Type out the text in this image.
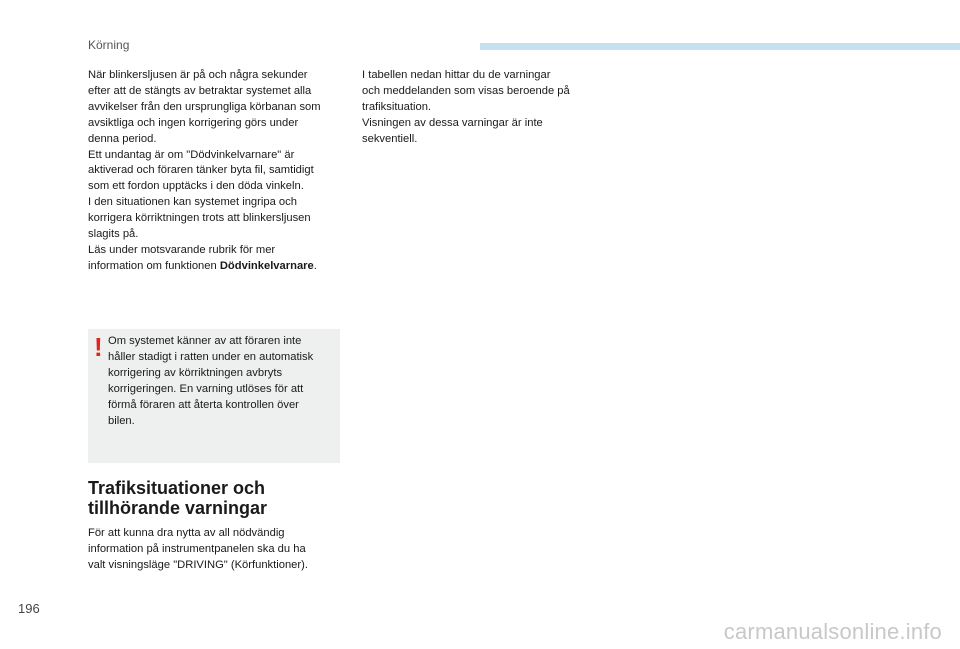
Körning
När blinkersljusen är på och några sekunder
efter att de stängts av betraktar systemet alla
avvikelser från den ursprungliga körbanan som
avsiktliga och ingen korrigering görs under
denna period.
Ett undantag är om "Dödvinkelvarnare" är
aktiverad och föraren tänker byta fil, samtidigt
som ett fordon upptäcks i den döda vinkeln.
I den situationen kan systemet ingripa och
korrigera körriktningen trots att blinkersljusen
slagits på.
Läs under motsvarande rubrik för mer
information om funktionen Dödvinkelvarnare.
! Om systemet känner av att föraren inte
håller stadigt i ratten under en automatisk
korrigering av körriktningen avbryts
korrigeringen. En varning utlöses för att
förmå föraren att återta kontrollen över
bilen.
Trafiksituationer och
tillhörande varningar
För att kunna dra nytta av all nödvändig
information på instrumentpanelen ska du ha
valt visningsläge "DRIVING" (Körfunktioner).
I tabellen nedan hittar du de varningar
och meddelanden som visas beroende på
trafiksituation.
Visningen av dessa varningar är inte
sekventiell.
196
carmanualsonline.info
